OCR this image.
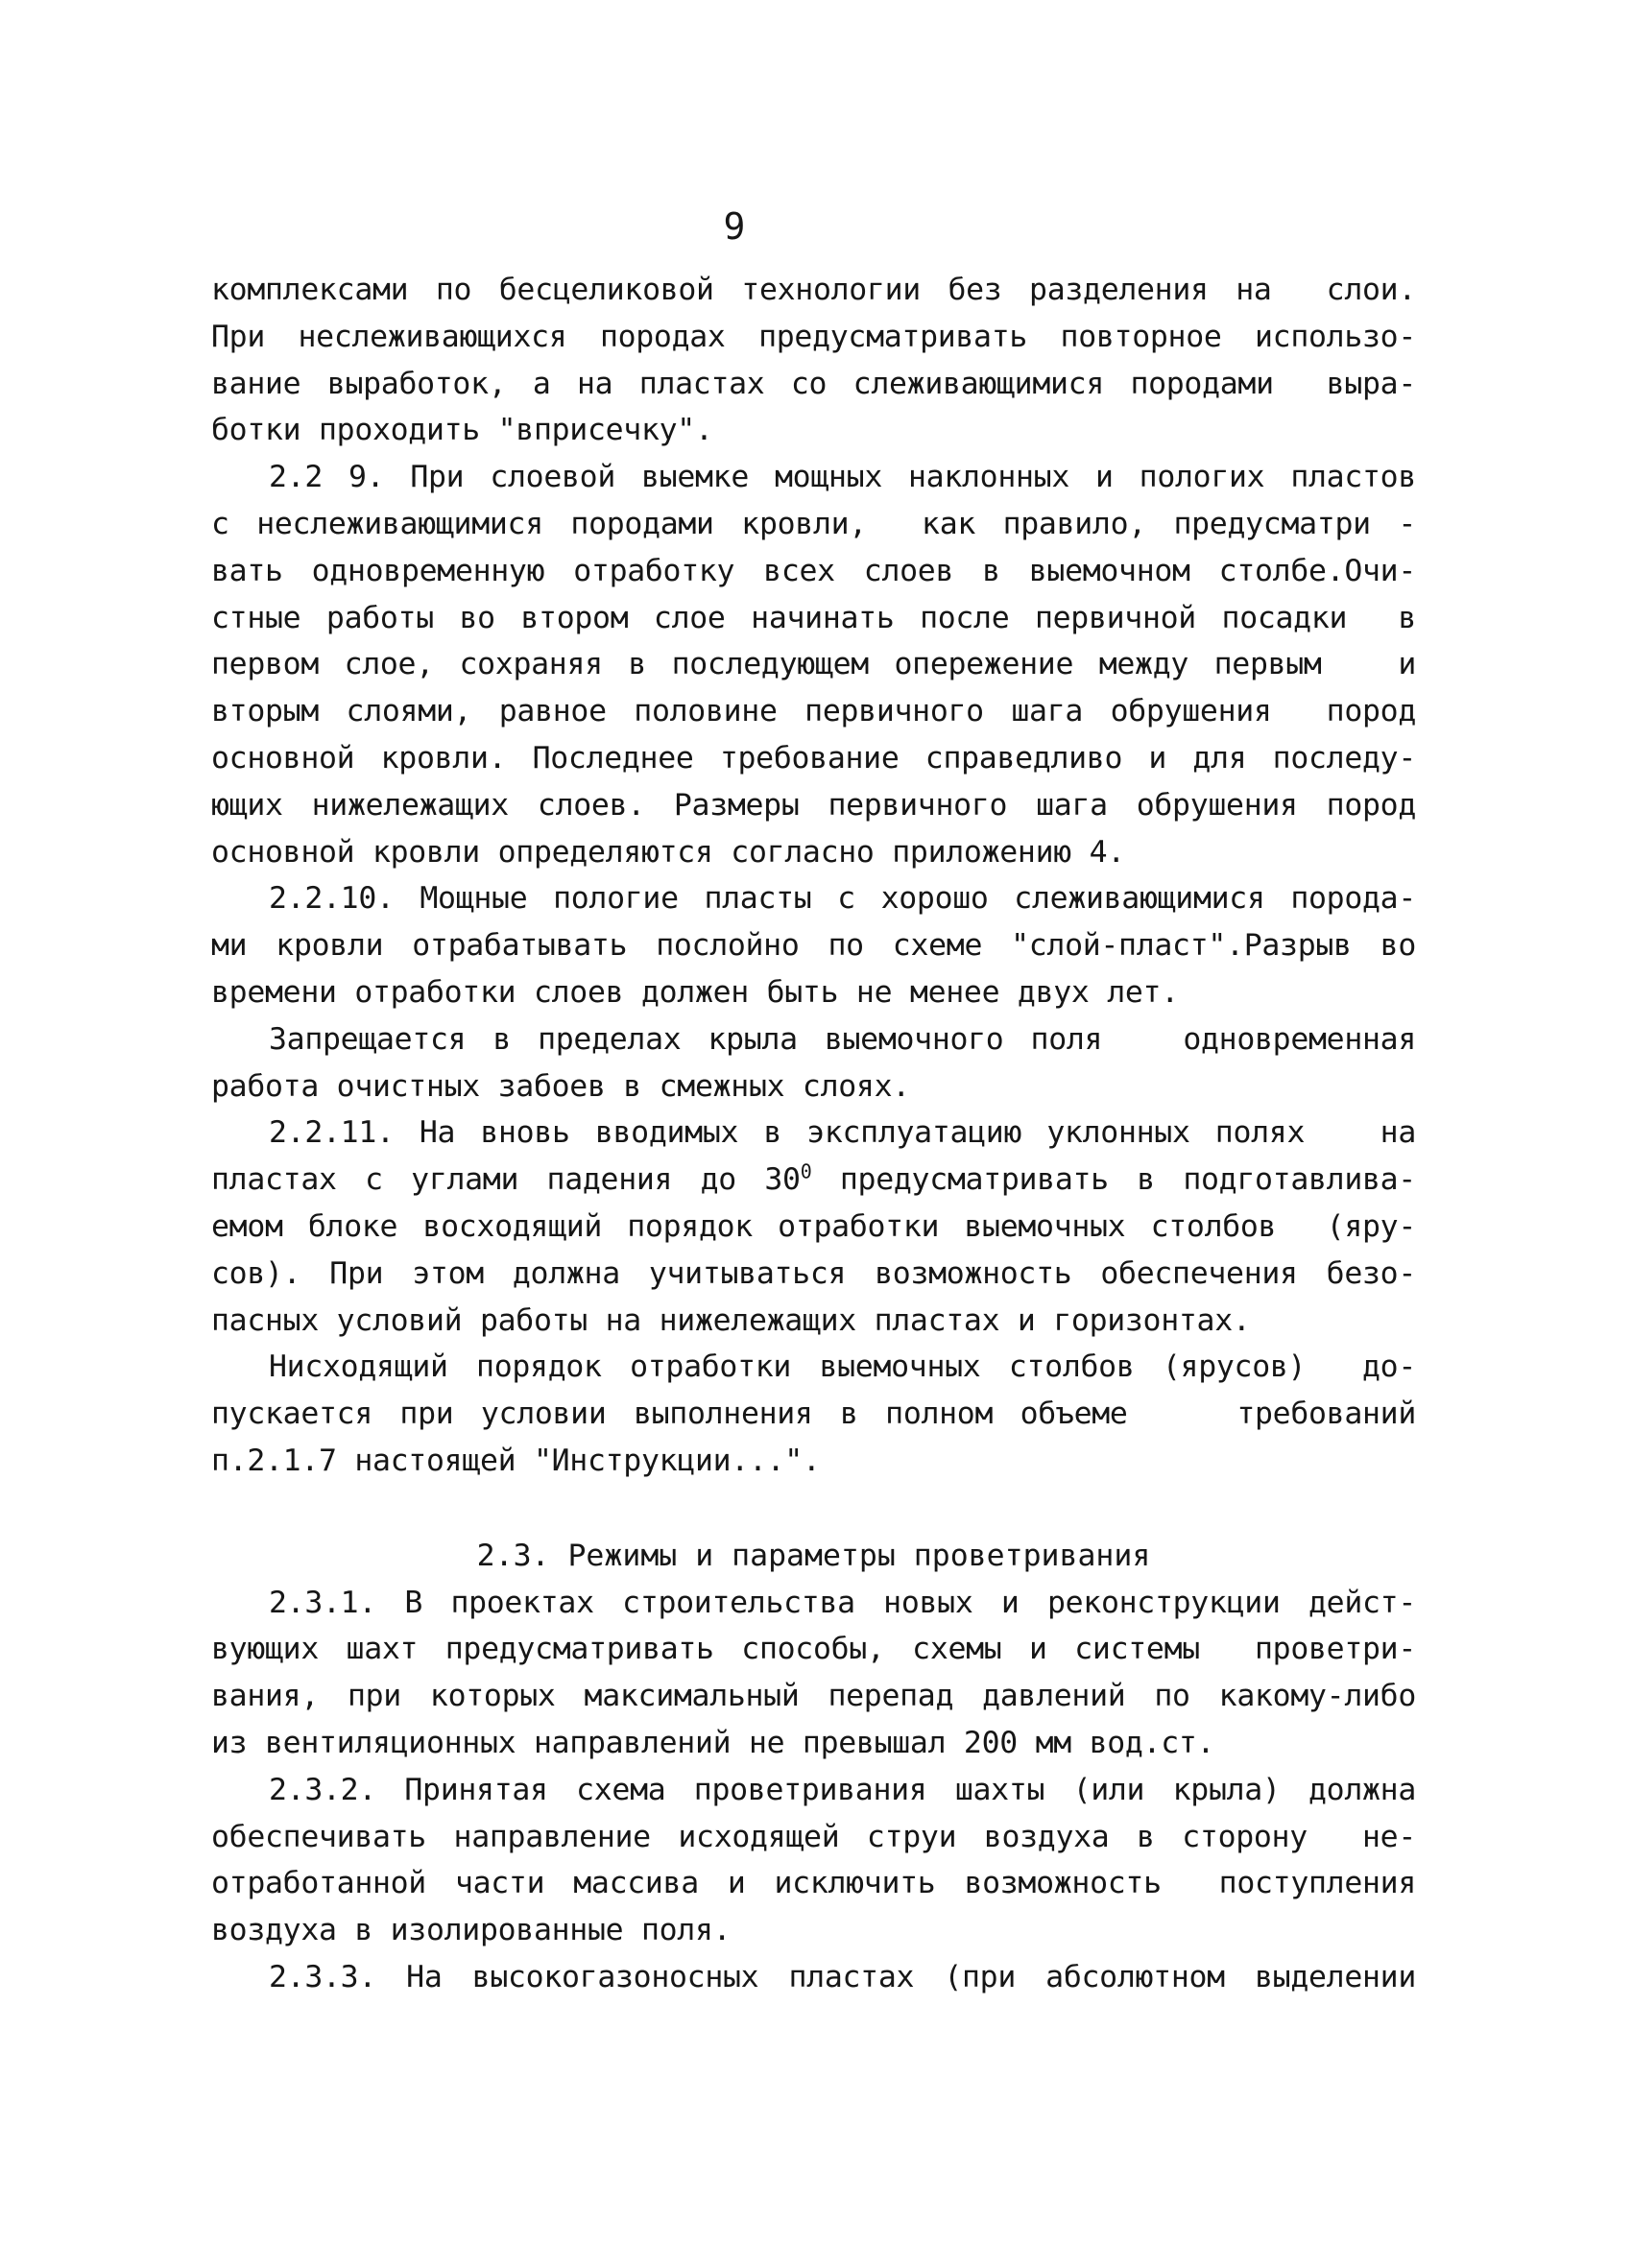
9
комплексами по бесцеликовой технологии без разделения на  слои.
При неслеживающихся породах предусматривать повторное использо-
вание выработок, а на пластах со слеживающимися породами  выра-
ботки проходить "вприсечку".
2.2 9. При слоевой выемке мощных наклонных и пологих пластов
с неслеживающимися породами кровли,  как правило, предусматри -
вать одновременную отработку всех слоев в выемочном столбе.Очи-
стные работы во втором слое начинать после первичной посадки  в
первом слое, сохраняя в последующем опережение между первым   и
вторым слоями, равное половине первичного шага обрушения  пород
основной кровли. Последнее требование справедливо и для последу-
ющих нижележащих слоев. Размеры первичного шага обрушения пород
основной кровли определяются согласно приложению 4.
2.2.10. Мощные пологие пласты с хорошо слеживающимися порода-
ми кровли отрабатывать послойно по схеме "слой-пласт".Разрыв во
времени отработки слоев должен быть не менее двух лет.
Запрещается в пределах крыла выемочного поля   одновременная
работа очистных забоев в смежных слоях.
2.2.11. На вновь вводимых в эксплуатацию уклонных полях   на
пластах с углами падения до $30^0$ предусматривать в подготавлива-
емом блоке восходящий порядок отработки выемочных столбов  (яру-
сов). При этом должна учитываться возможность обеспечения безо-
пасных условий работы на нижележащих пластах и горизонтах.
Нисходящий порядок отработки выемочных столбов (ярусов)  до-
пускается при условии выполнения в полном объеме    требований
п.2.1.7 настоящей "Инструкции...".
2.3. Режимы и параметры проветривания
2.3.1. В проектах строительства новых и реконструкции дейст-
вующих шахт предусматривать способы, схемы и системы  проветри-
вания, при которых максимальный перепад давлений по какому-либо
из вентиляционных направлений не превышал 200 мм вод.ст.
2.3.2. Принятая схема проветривания шахты (или крыла) должна
обеспечивать направление исходящей струи воздуха в сторону  не-
отработанной части массива и исключить возможность  поступления
воздуха в изолированные поля.
2.3.3. На высокогазоносных пластах (при абсолютном выделении
